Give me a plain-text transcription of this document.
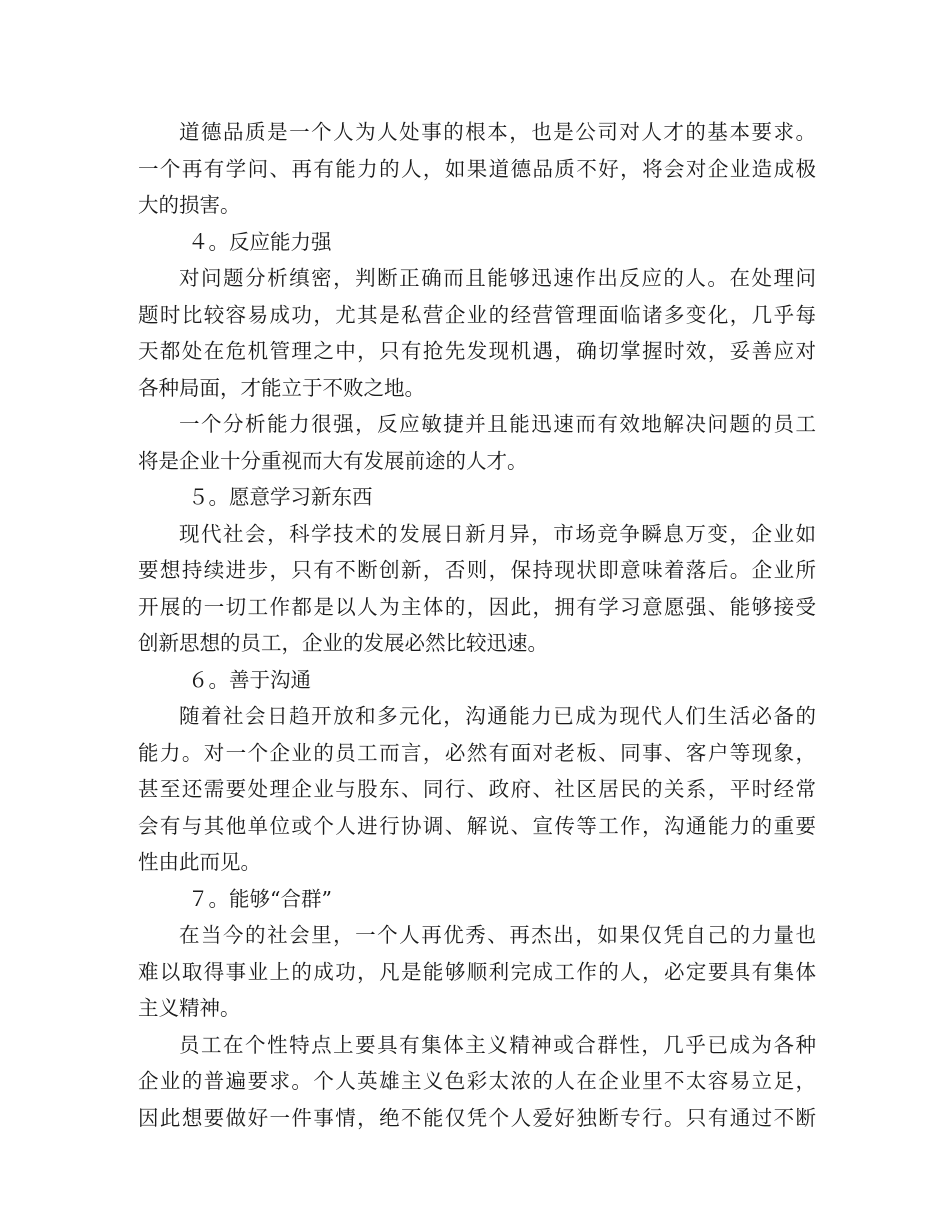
道德品质是一个人为人处事的根本，也是公司对人才的基本要求。
一个再有学问、再有能力的人，如果道德品质不好，将会对企业造成极
大的损害。
４。反应能力强
对问题分析缜密，判断正确而且能够迅速作出反应的人。在处理问
题时比较容易成功，尤其是私营企业的经营管理面临诸多变化，几乎每
天都处在危机管理之中，只有抢先发现机遇，确切掌握时效，妥善应对
各种局面，才能立于不败之地。
一个分析能力很强，反应敏捷并且能迅速而有效地解决问题的员工
将是企业十分重视而大有发展前途的人才。
５。愿意学习新东西
现代社会，科学技术的发展日新月异，市场竞争瞬息万变，企业如
要想持续进步，只有不断创新，否则，保持现状即意味着落后。企业所
开展的一切工作都是以人为主体的，因此，拥有学习意愿强、能够接受
创新思想的员工，企业的发展必然比较迅速。
６。善于沟通
随着社会日趋开放和多元化，沟通能力已成为现代人们生活必备的
能力。对一个企业的员工而言，必然有面对老板、同事、客户等现象，
甚至还需要处理企业与股东、同行、政府、社区居民的关系，平时经常
会有与其他单位或个人进行协调、解说、宣传等工作，沟通能力的重要
性由此而见。
７。能够“合群”
在当今的社会里，一个人再优秀、再杰出，如果仅凭自己的力量也
难以取得事业上的成功，凡是能够顺利完成工作的人，必定要具有集体
主义精神。
员工在个性特点上要具有集体主义精神或合群性，几乎已成为各种
企业的普遍要求。个人英雄主义色彩太浓的人在企业里不太容易立足，
因此想要做好一件事情，绝不能仅凭个人爱好独断专行。只有通过不断
